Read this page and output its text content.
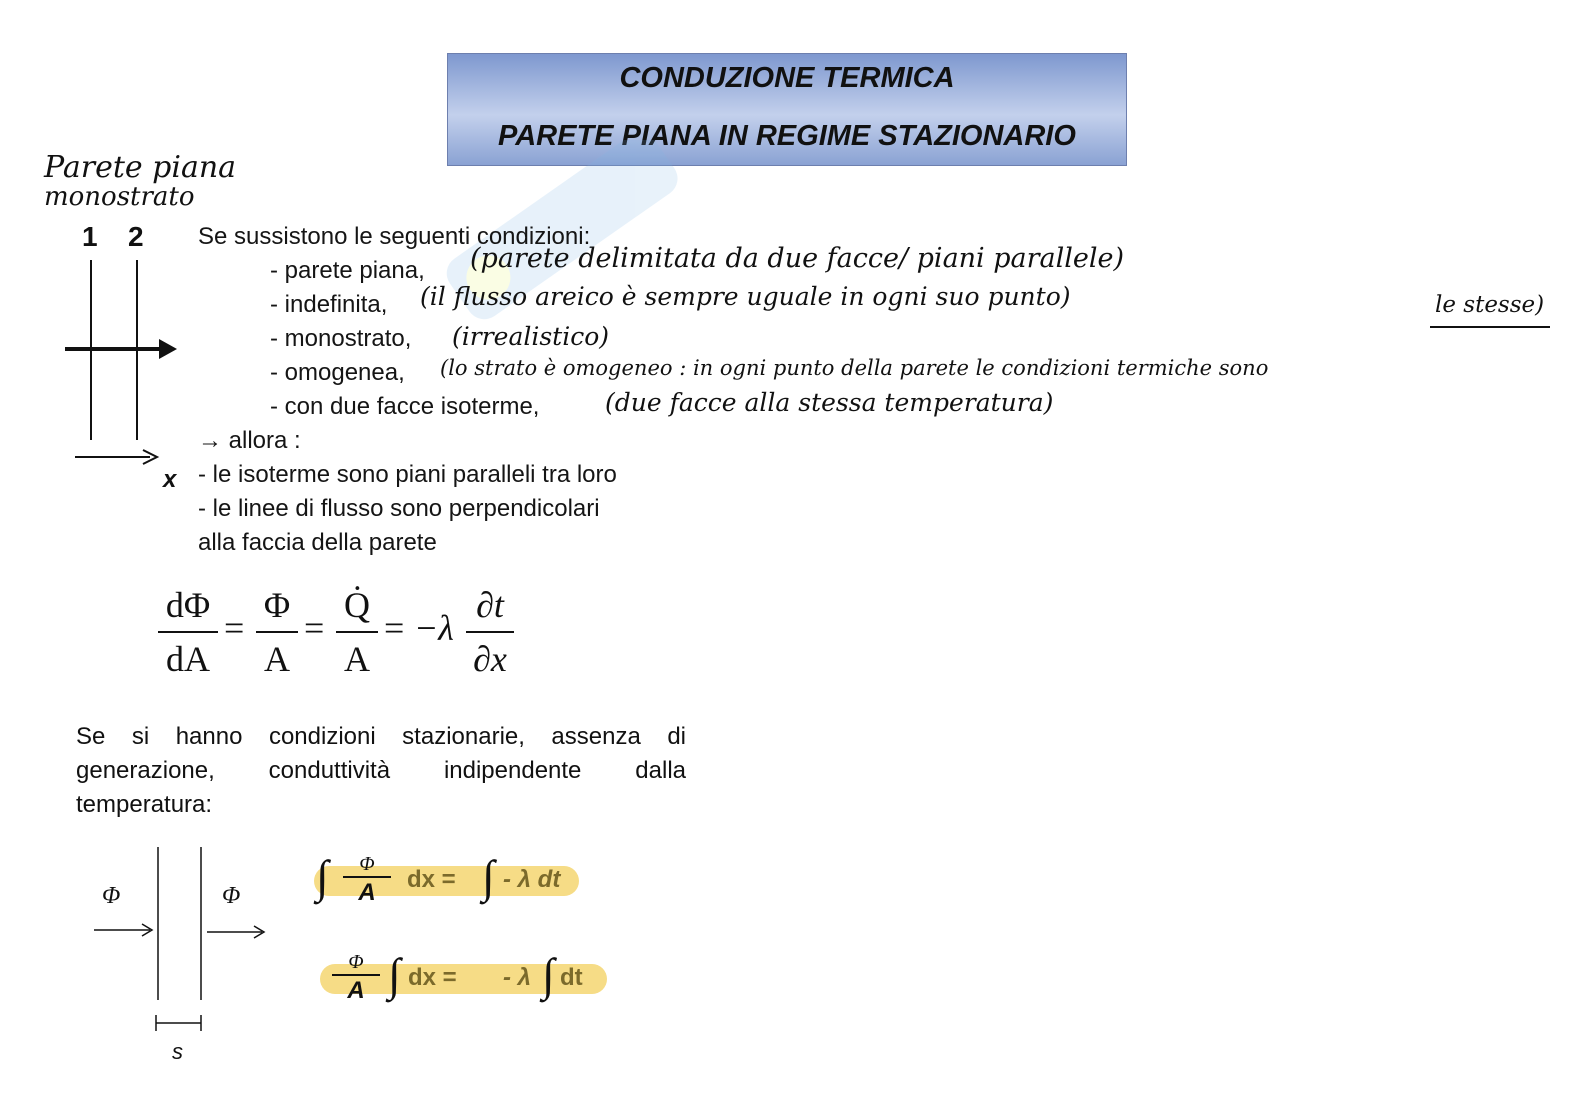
CONDUZIONE TERMICA
PARETE PIANA IN REGIME STAZIONARIO
Parete piana
monostrato
1 2
x
Se sussistono le seguenti condizioni:
- parete piana,
- indefinita,
- monostrato,
- omogenea,
- con due facce isoterme,
→ allora :
- le isoterme sono piani paralleli tra loro
- le linee di flusso sono perpendicolari
alla faccia della parete
(parete delimitata da due facce/ piani parallele)
(il flusso areico è sempre uguale in ogni suo punto)	le stesse)
(irrealistico)
(lo strato è omogeneo : in ogni punto della parete le condizioni termiche sono
(due facce alla stessa temperatura)
dΦ
dA
=
Φ
A
=
Q̇
A
= −λ
∂t
∂x
Se si hanno condizioni stazionarie, assenza di generazione, conduttività indipendente dalla temperatura:
Φ	Φ
s
∫	Φ
A	dx = ∫ - λ dt
Φ
A ∫ dx = - λ ∫ dt
